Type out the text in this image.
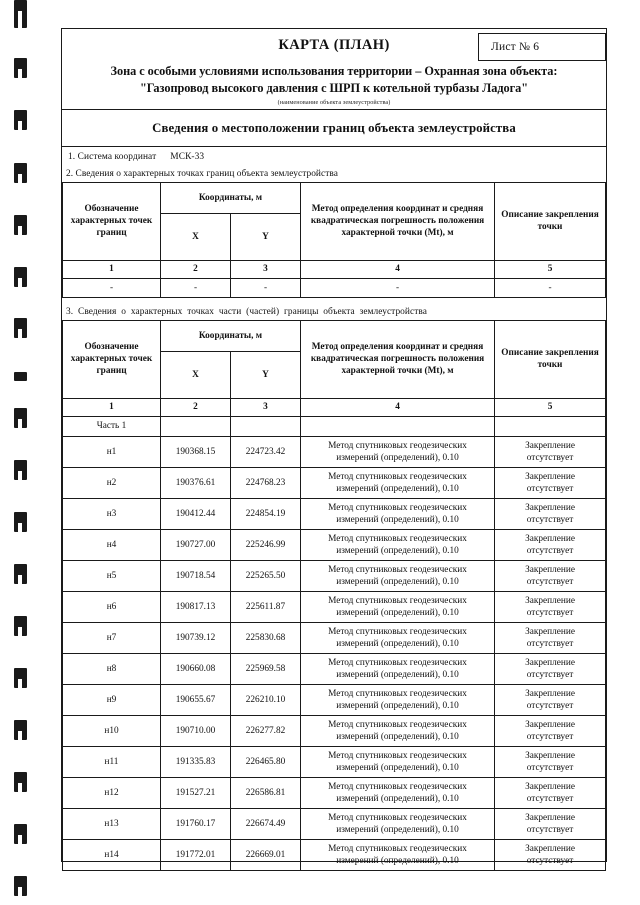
Лист № 6
КАРТА (ПЛАН)
Зона с особыми условиями использования территории – Охранная зона объекта:
"Газопровод высокого давления с ШРП к котельной турбазы Ладога"
(наименование объекта землеустройства)
Сведения о местоположении границ объекта землеустройства
1. Система координат МСК-33
2. Сведения о характерных точках границ объекта землеустройства
Обозначение характерных точек границ	Координаты, м		Метод определения координат и средняя квадратическая погрешность положения характерной точки (Мt), м	Описание закрепления точки
	X	Y		
1	2	3	4	5
-	-	-	-	-
3. Сведения о характерных точках части (частей) границы объекта землеустройства
Обозначение характерных точек границ	Координаты, м		Метод определения координат и средняя квадратическая погрешность положения характерной точки (Мt), м	Описание закрепления точки
	X	Y		
1	2	3	4	5
Часть 1				
н1	190368.15	224723.42	Метод спутниковых геодезических
измерений (определений), 0.10	Закрепление
отсутствует
н2	190376.61	224768.23	Метод спутниковых геодезических
измерений (определений), 0.10	Закрепление
отсутствует
н3	190412.44	224854.19	Метод спутниковых геодезических
измерений (определений), 0.10	Закрепление
отсутствует
н4	190727.00	225246.99	Метод спутниковых геодезических
измерений (определений), 0.10	Закрепление
отсутствует
н5	190718.54	225265.50	Метод спутниковых геодезических
измерений (определений), 0.10	Закрепление
отсутствует
н6	190817.13	225611.87	Метод спутниковых геодезических
измерений (определений), 0.10	Закрепление
отсутствует
н7	190739.12	225830.68	Метод спутниковых геодезических
измерений (определений), 0.10	Закрепление
отсутствует
н8	190660.08	225969.58	Метод спутниковых геодезических
измерений (определений), 0.10	Закрепление
отсутствует
н9	190655.67	226210.10	Метод спутниковых геодезических
измерений (определений), 0.10	Закрепление
отсутствует
н10	190710.00	226277.82	Метод спутниковых геодезических
измерений (определений), 0.10	Закрепление
отсутствует
н11	191335.83	226465.80	Метод спутниковых геодезических
измерений (определений), 0.10	Закрепление
отсутствует
н12	191527.21	226586.81	Метод спутниковых геодезических
измерений (определений), 0.10	Закрепление
отсутствует
н13	191760.17	226674.49	Метод спутниковых геодезических
измерений (определений), 0.10	Закрепление
отсутствует
н14	191772.01	226669.01	Метод спутниковых геодезических
измерений (определений), 0.10	Закрепление
отсутствует
